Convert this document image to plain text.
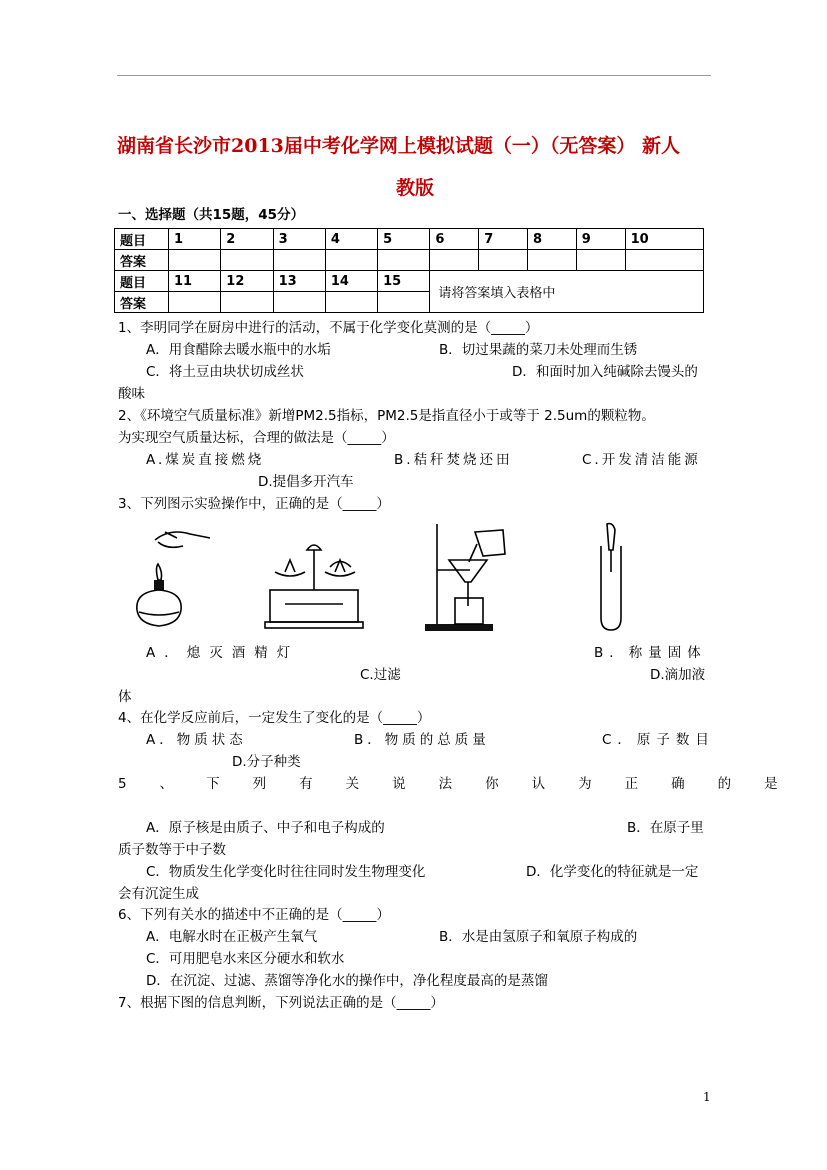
湖南省长沙市2013届中考化学网上模拟试题（一）（无答案） 新人
教版
一、选择题（共15题，45分）
题目	1	2	3	4	5	6	7	8	9	10
答案										
题目	11	12	13	14	15	请将答案填入表格中				
答案										
1、李明同学在厨房中进行的活动，不属于化学变化莫测的是（_____）
A．用食醋除去暖水瓶中的水垢	B．切过果蔬的菜刀未处理而生锈
C．将土豆由块状切成丝状	D．和面时加入纯碱除去馒头的
酸味
2、《环境空气质量标准》新增PM2.5指标，PM2.5是指直径小于或等于 2.5um的颗粒物。
为实现空气质量达标，合理的做法是（_____）
A.煤炭直接燃烧	B.秸秆焚烧还田	C.开发清洁能源
D.提倡多开汽车
3、下列图示实验操作中，正确的是（_____）
A．熄灭酒精灯	B．称量固体
C.过滤	D.滴加液
体
4、在化学反应前后，一定发生了变化的是（_____）
A．物质状态	B．物质的总质量	C．原子数目
D.分子种类
5、下列有关说法你认为正确的是
A．原子核是由质子、中子和电子构成的	B．在原子里
质子数等于中子数
C．物质发生化学变化时往往同时发生物理变化	D．化学变化的特征就是一定
会有沉淀生成
6、下列有关水的描述中不正确的是（_____）
A．电解水时在正极产生氧气	B．水是由氢原子和氧原子构成的
C．可用肥皂水来区分硬水和软水
D．在沉淀、过滤、蒸馏等净化水的操作中，净化程度最高的是蒸馏
7、根据下图的信息判断，下列说法正确的是（_____）
1
